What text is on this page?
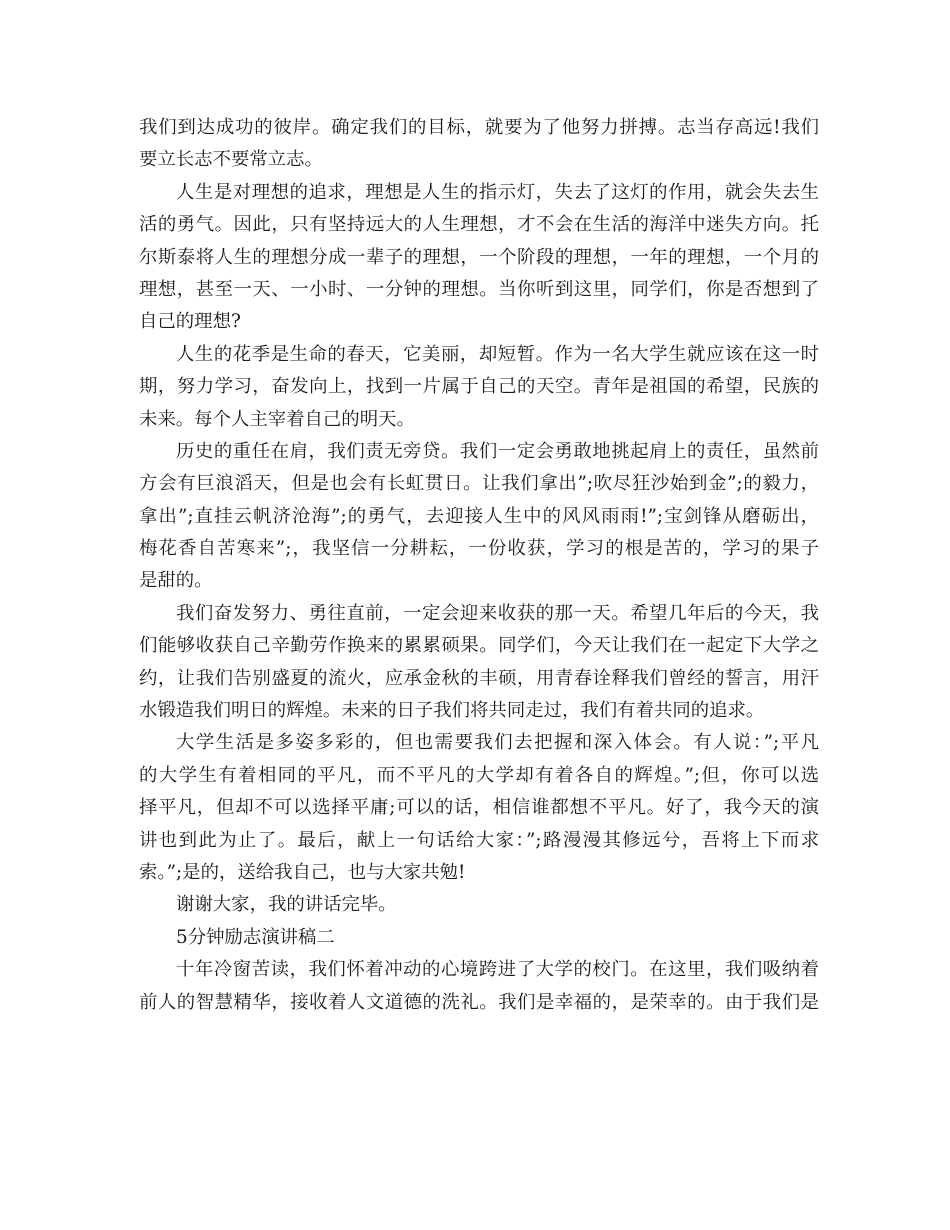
我们到达成功的彼岸。确定我们的目标，就要为了他努力拼搏。志当存高远!我们
要立长志不要常立志。
人生是对理想的追求，理想是人生的指示灯，失去了这灯的作用，就会失去生
活的勇气。因此，只有坚持远大的人生理想，才不会在生活的海洋中迷失方向。托
尔斯泰将人生的理想分成一辈子的理想，一个阶段的理想，一年的理想，一个月的
理想，甚至一天、一小时、一分钟的理想。当你听到这里，同学们，你是否想到了
自己的理想?
人生的花季是生命的春天，它美丽，却短暂。作为一名大学生就应该在这一时
期，努力学习，奋发向上，找到一片属于自己的天空。青年是祖国的希望，民族的
未来。每个人主宰着自己的明天。
历史的重任在肩，我们责无旁贷。我们一定会勇敢地挑起肩上的责任，虽然前
方会有巨浪滔天，但是也会有长虹贯日。让我们拿出”;吹尽狂沙始到金”;的毅力，
拿出”;直挂云帆济沧海”;的勇气，去迎接人生中的风风雨雨!”;宝剑锋从磨砺出，
梅花香自苦寒来”;，我坚信一分耕耘，一份收获，学习的根是苦的，学习的果子
是甜的。
我们奋发努力、勇往直前，一定会迎来收获的那一天。希望几年后的今天，我
们能够收获自己辛勤劳作换来的累累硕果。同学们，今天让我们在一起定下大学之
约，让我们告别盛夏的流火，应承金秋的丰硕，用青春诠释我们曾经的誓言，用汗
水锻造我们明日的辉煌。未来的日子我们将共同走过，我们有着共同的追求。
大学生活是多姿多彩的，但也需要我们去把握和深入体会。有人说：”;平凡
的大学生有着相同的平凡，而不平凡的大学却有着各自的辉煌。”;但，你可以选
择平凡，但却不可以选择平庸;可以的话，相信谁都想不平凡。好了，我今天的演
讲也到此为止了。最后，献上一句话给大家：”;路漫漫其修远兮，吾将上下而求
索。”;是的，送给我自己，也与大家共勉!
谢谢大家，我的讲话完毕。
5分钟励志演讲稿二
十年冷窗苦读，我们怀着冲动的心境跨进了大学的校门。在这里，我们吸纳着
前人的智慧精华，接收着人文道德的洗礼。我们是幸福的，是荣幸的。由于我们是
